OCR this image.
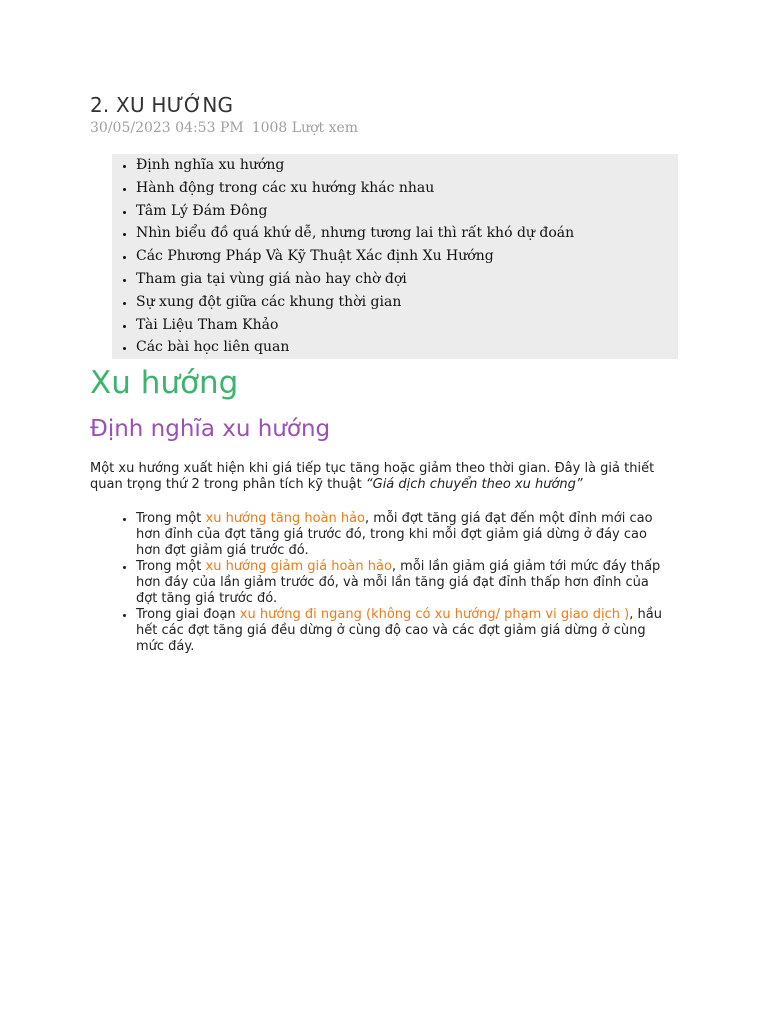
2. XU HƯỚNG
30/05/2023 04:53 PM 1008 Lượt xem
• Định nghĩa xu hướng
• Hành động trong các xu hướng khác nhau
• Tâm Lý Đám Đông
• Nhìn biểu đồ quá khứ dễ, nhưng tương lai thì rất khó dự đoán
• Các Phương Pháp Và Kỹ Thuật Xác định Xu Hướng
• Tham gia tại vùng giá nào hay chờ đợi
• Sự xung đột giữa các khung thời gian
• Tài Liệu Tham Khảo
• Các bài học liên quan
Xu hướng
Định nghĩa xu hướng

Một xu hướng xuất hiện khi giá tiếp tục tăng hoặc giảm theo thời gian. Đây là giả thiết quan trọng thứ 2 trong phân tích kỹ thuật “Giá dịch chuyển theo xu hướng”

• Trong một xu hướng tăng hoàn hảo, mỗi đợt tăng giá đạt đến một đỉnh mới cao hơn đỉnh của đợt tăng giá trước đó, trong khi mỗi đợt giảm giá dừng ở đáy cao hơn đợt giảm giá trước đó.
• Trong một xu hướng giảm giá hoàn hảo, mỗi lần giảm giá giảm tới mức đáy thấp hơn đáy của lần giảm trước đó, và mỗi lần tăng giá đạt đỉnh thấp hơn đỉnh của đợt tăng giá trước đó.
• Trong giai đoạn xu hướng đi ngang (không có xu hướng/ phạm vi giao dịch ), hầu hết các đợt tăng giá đều dừng ở cùng độ cao và các đợt giảm giá dừng ở cùng mức đáy.
